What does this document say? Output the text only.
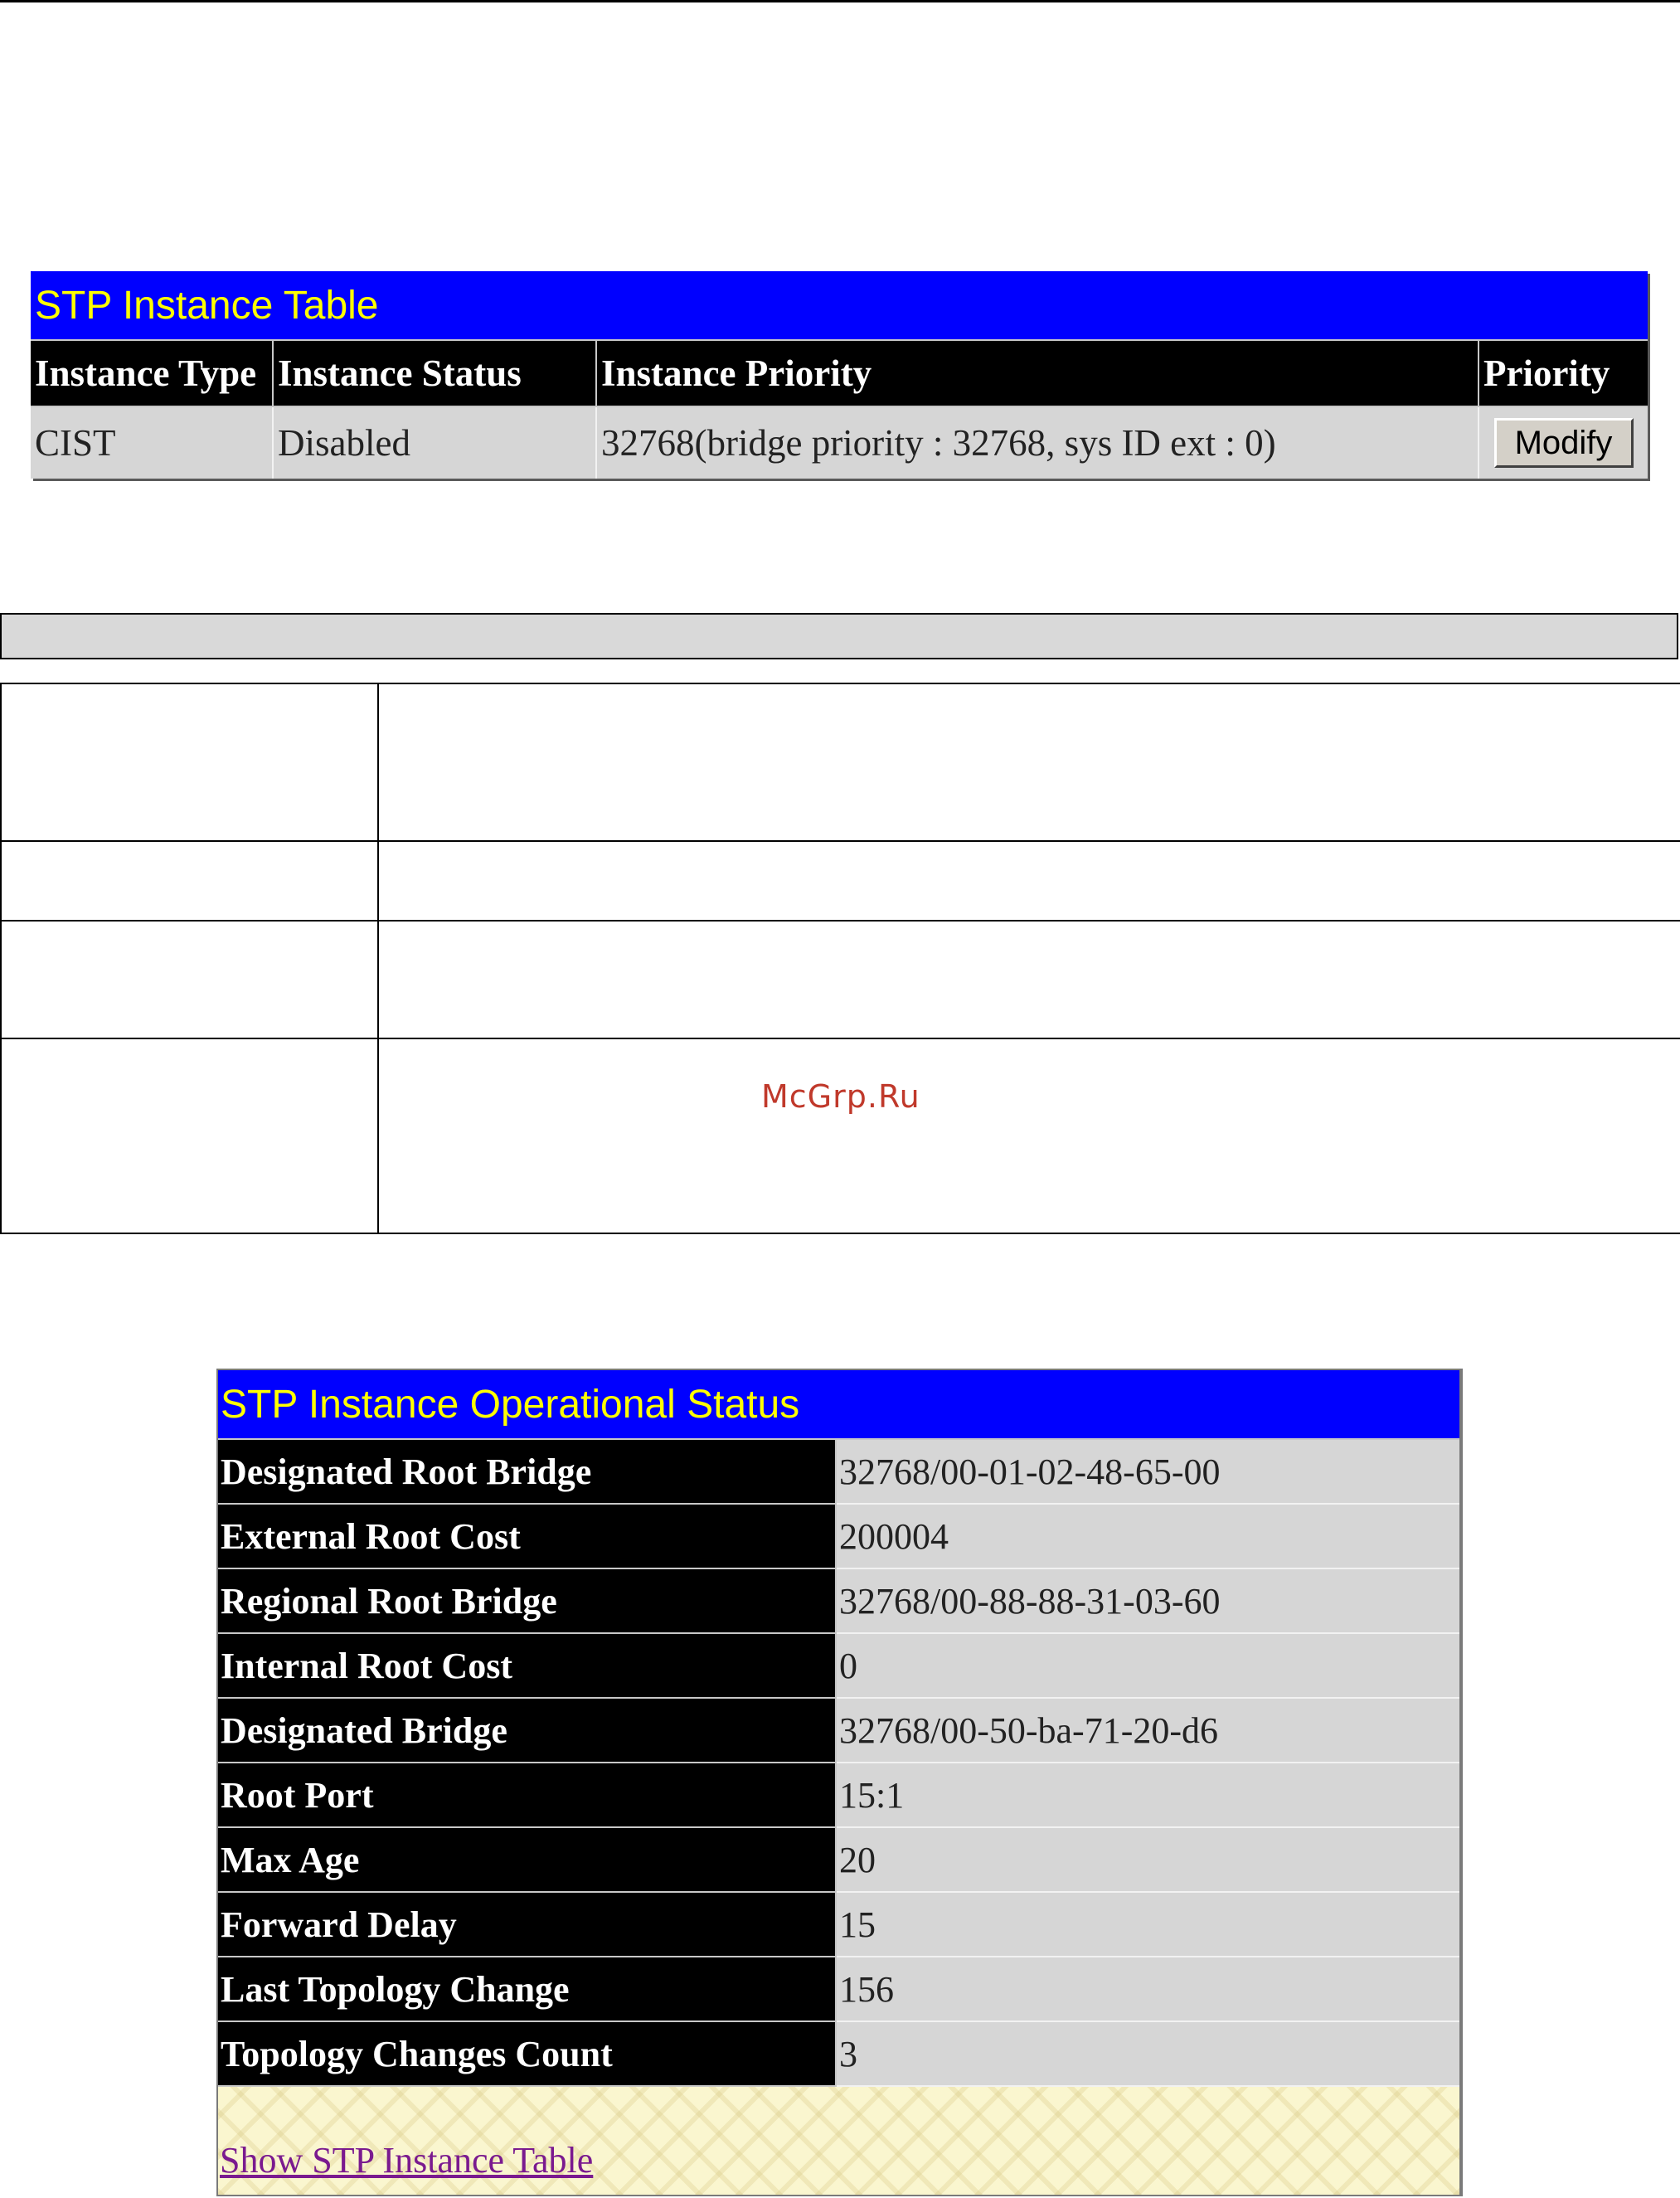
STP Instance Table			
Instance Type	Instance Status	Instance Priority	Priority
CIST	Disabled	32768(bridge priority : 32768, sys ID ext : 0)	Modify

McGrp.Ru
STP Instance Operational Status	
Designated Root Bridge	32768/00-01-02-48-65-00
External Root Cost	200004
Regional Root Bridge	32768/00-88-88-31-03-60
Internal Root Cost	0
Designated Bridge	32768/00-50-ba-71-20-d6
Root Port	15:1
Max Age	20
Forward Delay	15
Last Topology Change	156
Topology Changes Count	3
Show STP Instance Table
